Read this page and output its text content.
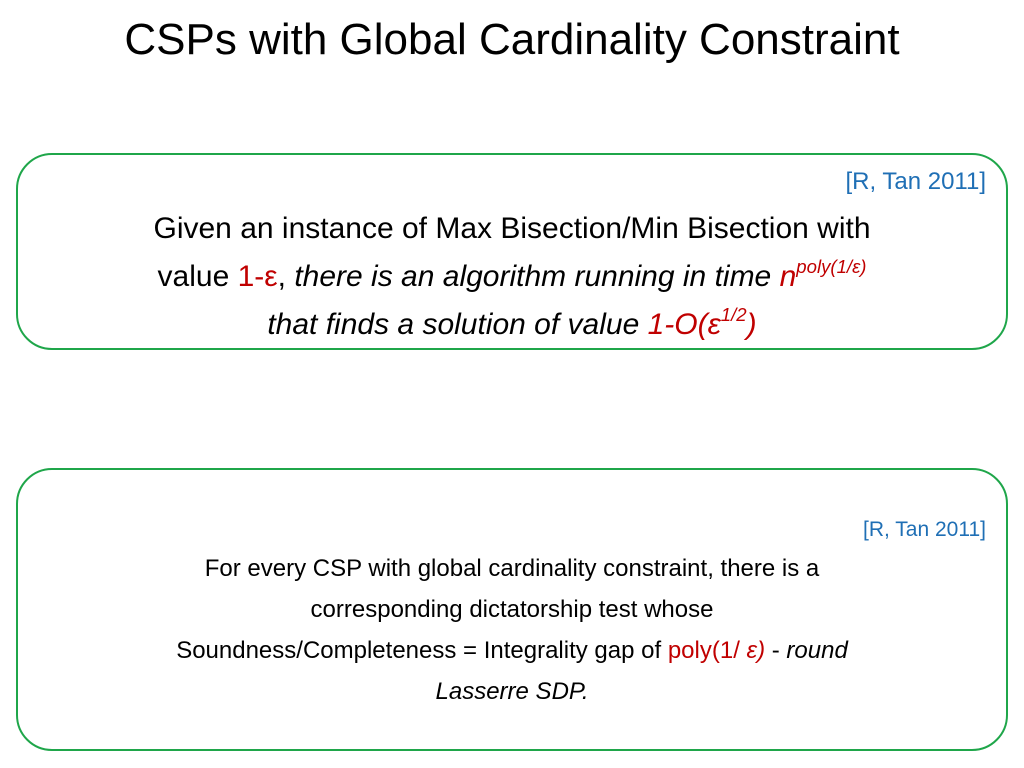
CSPs with Global Cardinality Constraint
[R, Tan 2011]
Given an instance of Max Bisection/Min Bisection with
value 1-ε, there is an algorithm running in time $n^{poly(1/\varepsilon)}$
that finds a solution of value $1-O(\varepsilon^{1/2})$
[R, Tan 2011]
For every CSP with global cardinality constraint, there is a
corresponding dictatorship test whose
Soundness/Completeness = Integrality gap of poly(1/ ε) - round
Lasserre SDP.
